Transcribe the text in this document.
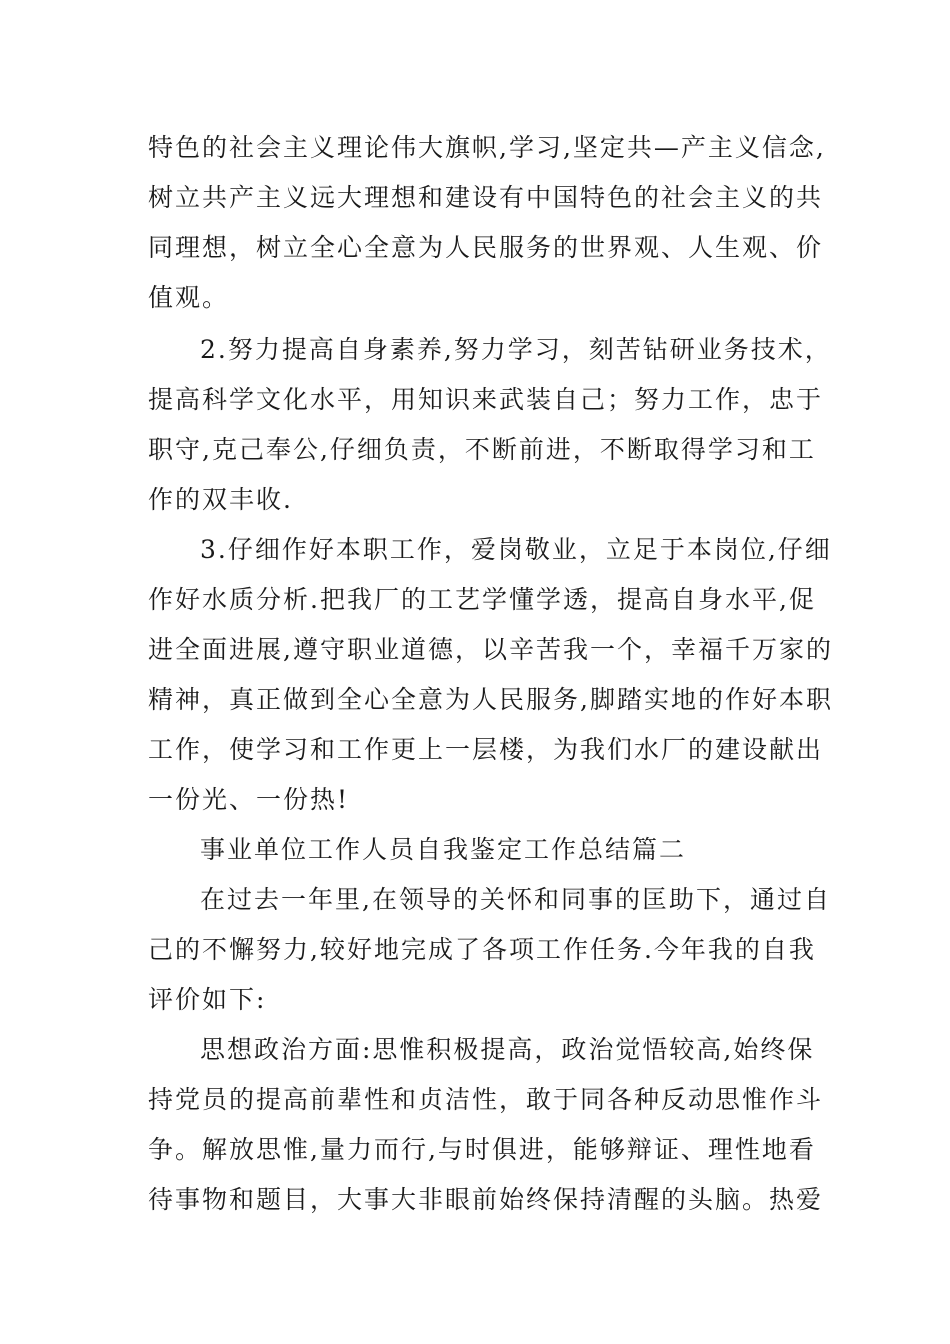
特色的社会主义理论伟大旗帜,学习,坚定共—产主义信念,
树立共产主义远大理想和建设有中国特色的社会主义的共
同理想，树立全心全意为人民服务的世界观、人生观、价
值观。
2.努力提高自身素养,努力学习，刻苦钻研业务技术，
提高科学文化水平，用知识来武装自己；努力工作，忠于
职守,克己奉公,仔细负责，不断前进，不断取得学习和工
作的双丰收.
3.仔细作好本职工作，爱岗敬业，立足于本岗位,仔细
作好水质分析.把我厂的工艺学懂学透，提高自身水平,促
进全面进展,遵守职业道德，以辛苦我一个，幸福千万家的
精神，真正做到全心全意为人民服务,脚踏实地的作好本职
工作，使学习和工作更上一层楼，为我们水厂的建设献出
一份光、一份热!
事业单位工作人员自我鉴定工作总结篇二
在过去一年里,在领导的关怀和同事的匡助下，通过自
己的不懈努力,较好地完成了各项工作任务.今年我的自我
评价如下:
思想政治方面:思惟积极提高，政治觉悟较高,始终保
持党员的提高前辈性和贞洁性，敢于同各种反动思惟作斗
争。解放思惟,量力而行,与时俱进，能够辩证、理性地看
待事物和题目，大事大非眼前始终保持清醒的头脑。热爱
